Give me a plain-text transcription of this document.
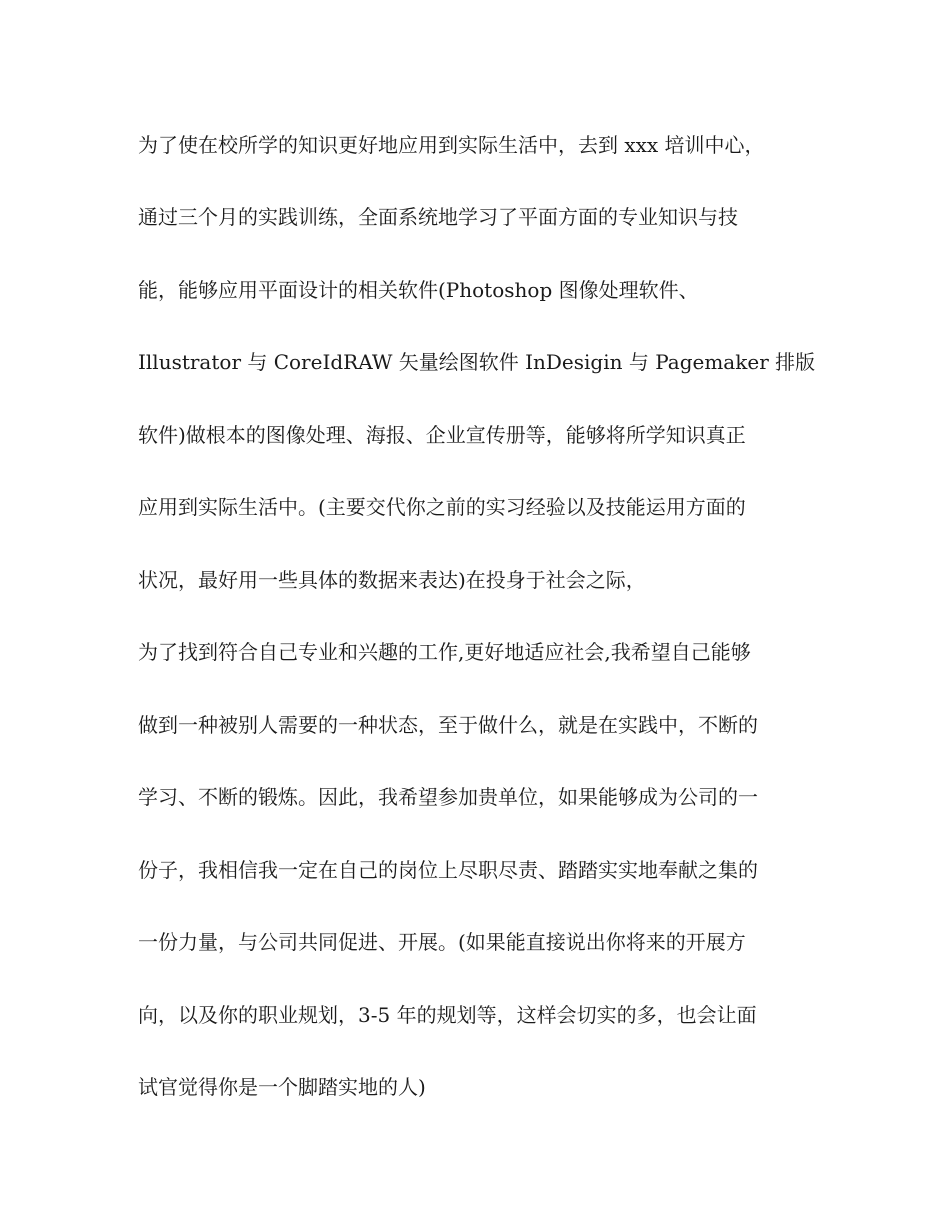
为了使在校所学的知识更好地应用到实际生活中，去到 xxx 培训中心，
通过三个月的实践训练，全面系统地学习了平面方面的专业知识与技
能，能够应用平面设计的相关软件(Photoshop 图像处理软件、
Illustrator 与 CoreIdRAW 矢量绘图软件 InDesigin 与 Pagemaker 排版
软件)做根本的图像处理、海报、企业宣传册等，能够将所学知识真正
应用到实际生活中。(主要交代你之前的实习经验以及技能运用方面的
状况，最好用一些具体的数据来表达)在投身于社会之际，
为了找到符合自己专业和兴趣的工作,更好地适应社会,我希望自己能够
做到一种被别人需要的一种状态，至于做什么，就是在实践中，不断的
学习、不断的锻炼。因此，我希望参加贵单位，如果能够成为公司的一
份子，我相信我一定在自己的岗位上尽职尽责、踏踏实实地奉献之集的
一份力量，与公司共同促进、开展。(如果能直接说出你将来的开展方
向，以及你的职业规划，3-5 年的规划等，这样会切实的多，也会让面
试官觉得你是一个脚踏实地的人)
